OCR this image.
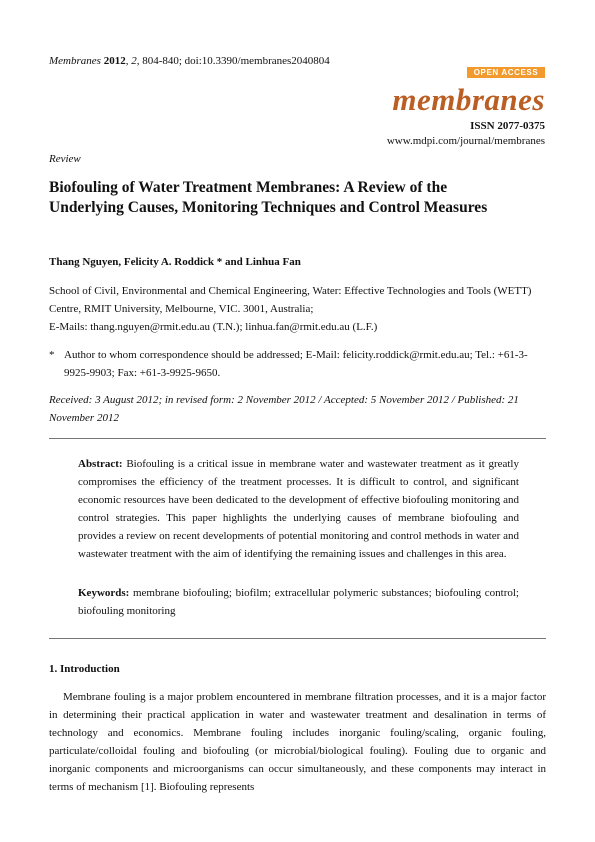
Membranes 2012, 2, 804-840; doi:10.3390/membranes2040804
OPEN ACCESS
membranes
ISSN 2077-0375
www.mdpi.com/journal/membranes
Review
Biofouling of Water Treatment Membranes: A Review of the Underlying Causes, Monitoring Techniques and Control Measures
Thang Nguyen, Felicity A. Roddick * and Linhua Fan
School of Civil, Environmental and Chemical Engineering, Water: Effective Technologies and Tools (WETT) Centre, RMIT University, Melbourne, VIC. 3001, Australia;
E-Mails: thang.nguyen@rmit.edu.au (T.N.); linhua.fan@rmit.edu.au (L.F.)
* Author to whom correspondence should be addressed; E-Mail: felicity.roddick@rmit.edu.au; Tel.: +61-3-9925-9903; Fax: +61-3-9925-9650.
Received: 3 August 2012; in revised form: 2 November 2012 / Accepted: 5 November 2012 / Published: 21 November 2012
Abstract: Biofouling is a critical issue in membrane water and wastewater treatment as it greatly compromises the efficiency of the treatment processes. It is difficult to control, and significant economic resources have been dedicated to the development of effective biofouling monitoring and control strategies. This paper highlights the underlying causes of membrane biofouling and provides a review on recent developments of potential monitoring and control methods in water and wastewater treatment with the aim of identifying the remaining issues and challenges in this area.
Keywords: membrane biofouling; biofilm; extracellular polymeric substances; biofouling control; biofouling monitoring
1. Introduction
Membrane fouling is a major problem encountered in membrane filtration processes, and it is a major factor in determining their practical application in water and wastewater treatment and desalination in terms of technology and economics. Membrane fouling includes inorganic fouling/scaling, organic fouling, particulate/colloidal fouling and biofouling (or microbial/biological fouling). Fouling due to organic and inorganic components and microorganisms can occur simultaneously, and these components may interact in terms of mechanism [1]. Biofouling represents
